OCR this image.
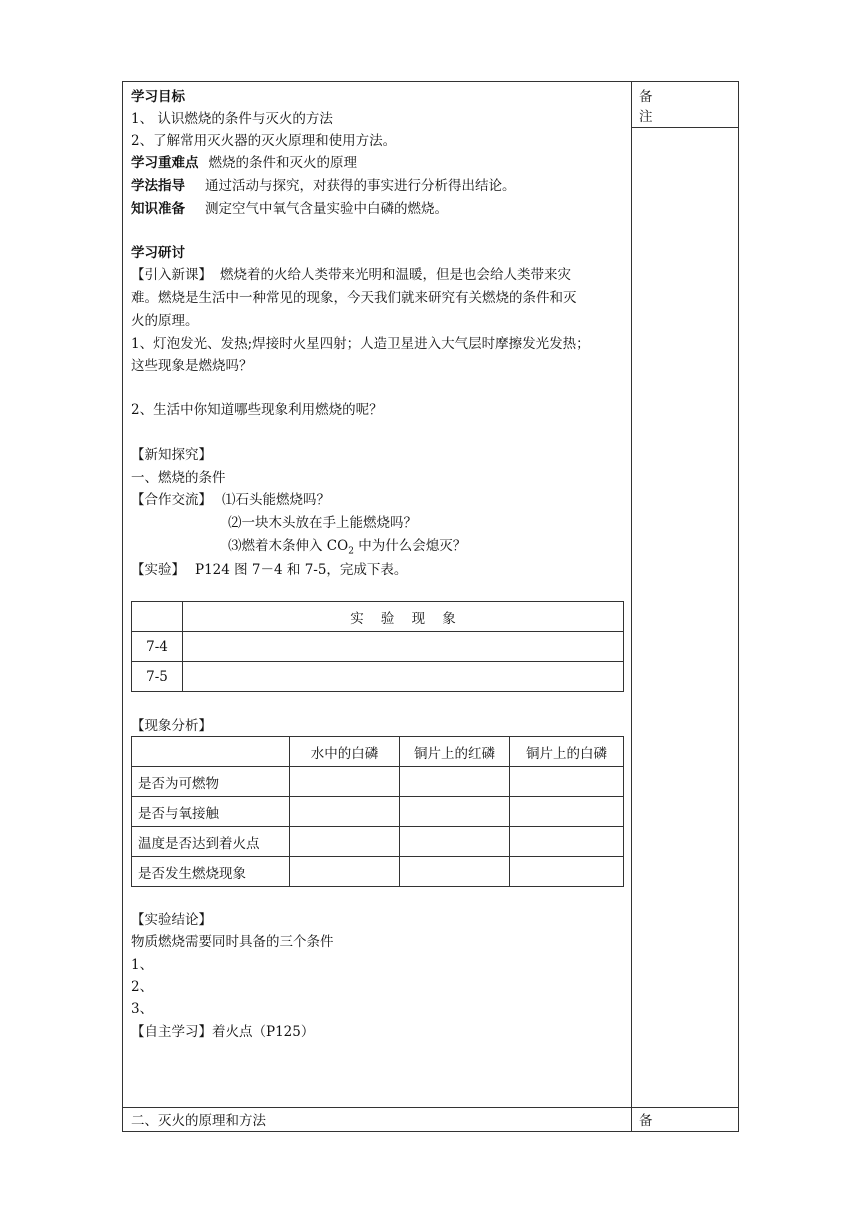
备
注
备
学习目标
1、 认识燃烧的条件与灭火的方法
2、了解常用灭火器的灭火原理和使用方法。
学习重难点 燃烧的条件和灭火的原理
学法指导 通过活动与探究，对获得的事实进行分析得出结论。
知识准备 测定空气中氧气含量实验中白磷的燃烧。
学习研讨
【引入新课】 燃烧着的火给人类带来光明和温暖，但是也会给人类带来灾
难。燃烧是生活中一种常见的现象，今天我们就来研究有关燃烧的条件和灭
火的原理。
1、灯泡发光、发热;焊接时火星四射；人造卫星进入大气层时摩擦发光发热；
这些现象是燃烧吗？
2、生活中你知道哪些现象利用燃烧的呢？
【新知探究】
一、燃烧的条件
【合作交流】 ⑴石头能燃烧吗？
⑵一块木头放在手上能燃烧吗？
⑶燃着木条伸入 $CO_2$ 中为什么会熄灭？
【实验】 P124 图 7－4 和 7-5，完成下表。
	实    验    现    象
7-4	
7-5	
【现象分析】
	水中的白磷	铜片上的红磷	铜片上的白磷
是否为可燃物			
是否与氧接触			
温度是否达到着火点			
是否发生燃烧现象			
【实验结论】
物质燃烧需要同时具备的三个条件
1、
2、
3、
【自主学习】着火点（P125）
二、灭火的原理和方法
